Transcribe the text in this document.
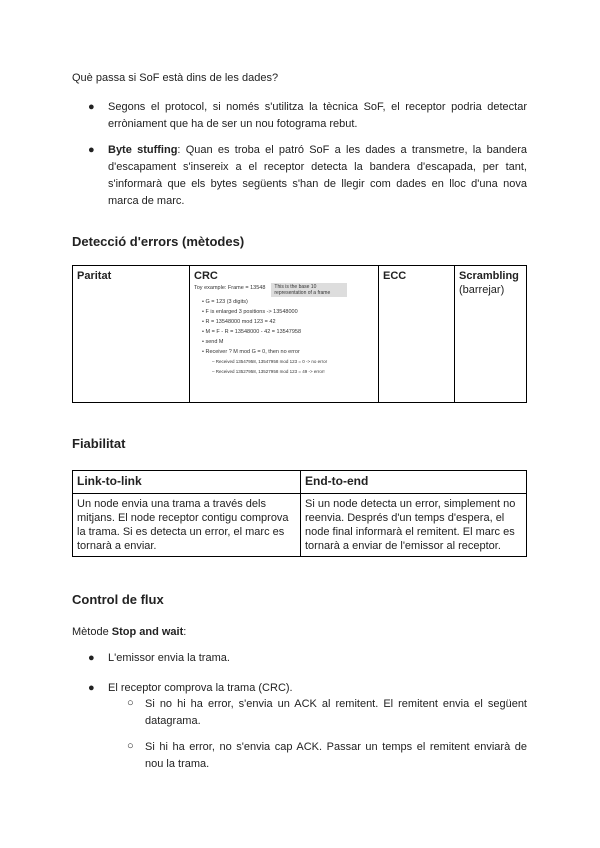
Què passa si SoF està dins de les dades?

● Segons el protocol, si només s'utilitza la tècnica SoF, el receptor podria detectar erròniament que ha de ser un nou fotograma rebut.

● Byte stuffing: Quan es troba el patró SoF a les dades a transmetre, la bandera d'escapament s'insereix a el receptor detecta la bandera d'escapada, per tant, s'informarà que els bytes següents s'han de llegir com dades en lloc d'una nova marca de marc.

Detecció d'errors (mètodes)
Paritat	CRC
Toy example: Frame = 13548 This is the base 10 representation of a frame
• G = 123 (3 digits)
• F is enlarged 3 positions -> 13548000
• R = 13548000 mod 123 = 42
• M = F - R = 13548000 - 42 = 13547958
• send M
• Receiver ? M mod G = 0, then no error
– Received 13547958, 13547958 mod 123 = 0 -> no error
– Received 13527958, 13527958 mod 123 = 49 -> error!
	ECC	Scrambling
(barrejar)
Fiabilitat
Link-to-link	End-to-end
Un node envia una trama a través dels mitjans. El node receptor contigu comprova la trama. Si es detecta un error, el marc es tornarà a enviar.	Si un node detecta un error, simplement no reenvia. Després d'un temps d'espera, el node final informarà el remitent. El marc es tornarà a enviar de l'emissor al receptor.
Control de flux

Mètode Stop and wait:

● L'emissor envia la trama.

● El receptor comprova la trama (CRC).

○ Si no hi ha error, s'envia un ACK al remitent. El remitent envia el següent datagrama.

○ Si hi ha error, no s'envia cap ACK. Passar un temps el remitent enviarà de nou la trama.
